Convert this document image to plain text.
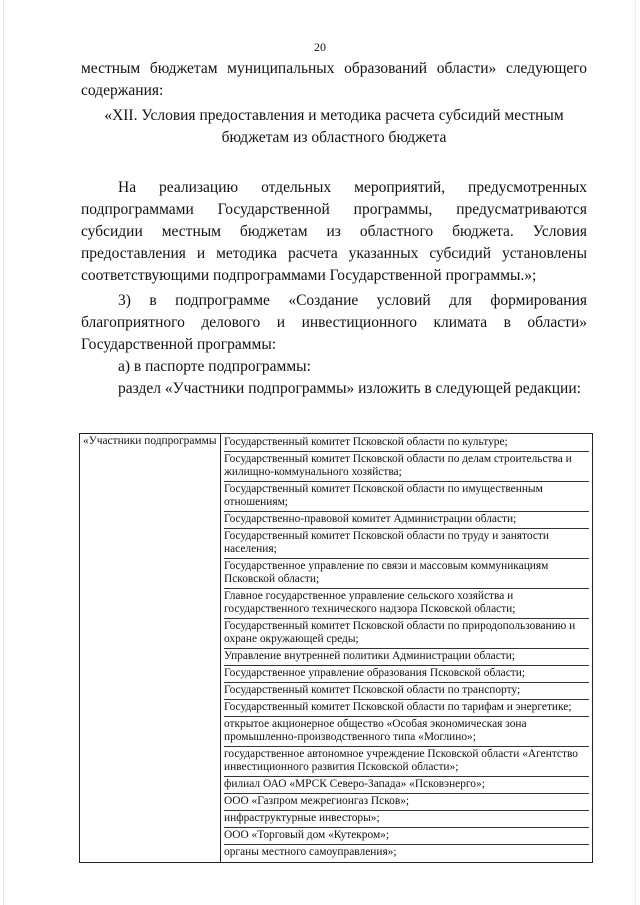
20

местным бюджетам муниципальных образований области» следующего содержания:

«XII. Условия предоставления и методика расчета субсидий местным

бюджетам из областного бюджета

На реализацию отдельных мероприятий, предусмотренных подпрограммами Государственной программы, предусматриваются субсидии местным бюджетам из областного бюджета. Условия предоставления и методика расчета указанных субсидий установлены соответствующими подпрограммами Государственной программы.»;

3) в подпрограмме «Создание условий для формирования благоприятного делового и инвестиционного климата в области» Государственной программы:

а) в паспорте подпрограммы:

раздел «Участники подпрограммы» изложить в следующей редакции:

«Участники подпрограммы	Государственный комитет Псковской области по культуре;
Государственный комитет Псковской области по делам строительства и жилищно-коммунального хозяйства;
Государственный комитет Псковской области по имущественным отношениям;
Государственно-правовой комитет Администрации области;
Государственный комитет Псковской области по труду и занятости населения;
Государственное управление по связи и массовым коммуникациям Псковской области;
Главное государственное управление сельского хозяйства и государственного технического надзора Псковской области;
Государственный комитет Псковской области по природопользованию и охране окружающей среды;
Управление внутренней политики Администрации области;
Государственное управление образования Псковской области;
Государственный комитет Псковской области по транспорту;
Государственный комитет Псковской области по тарифам и энергетике;
открытое акционерное общество «Особая экономическая зона промышленно-производственного типа «Моглино»;
государственное автономное учреждение Псковской области «Агентство инвестиционного развития Псковской области»;
филиал ОАО «МРСК Северо-Запада» «Псковэнерго»;
ООО «Газпром межрегионгаз Псков»;
инфраструктурные инвесторы»;
ООО «Торговый дом «Кутекром»;
органы местного самоуправления»;
